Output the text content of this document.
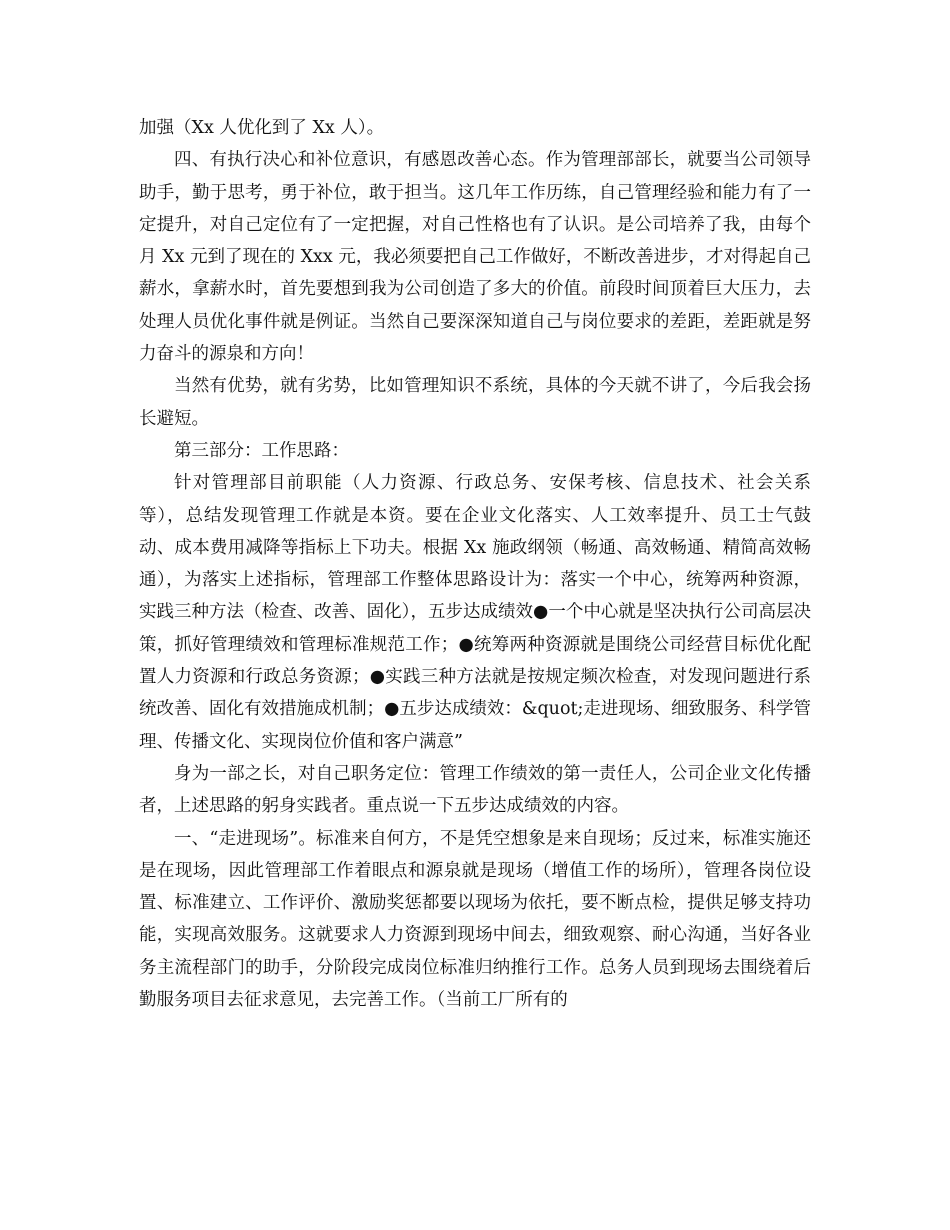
加强（Xx 人优化到了 Xx 人）。

四、有执行决心和补位意识，有感恩改善心态。作为管理部部长，就要当公司领导助手，勤于思考，勇于补位，敢于担当。这几年工作历练，自己管理经验和能力有了一定提升，对自己定位有了一定把握，对自己性格也有了认识。是公司培养了我，由每个月 Xx 元到了现在的 Xxx 元，我必须要把自己工作做好，不断改善进步，才对得起自己薪水，拿薪水时，首先要想到我为公司创造了多大的价值。前段时间顶着巨大压力，去处理人员优化事件就是例证。当然自己要深深知道自己与岗位要求的差距，差距就是努力奋斗的源泉和方向！

当然有优势，就有劣势，比如管理知识不系统，具体的今天就不讲了，今后我会扬长避短。

第三部分：工作思路：

针对管理部目前职能（人力资源、行政总务、安保考核、信息技术、社会关系等），总结发现管理工作就是本资。要在企业文化落实、人工效率提升、员工士气鼓动、成本费用减降等指标上下功夫。根据 Xx 施政纲领（畅通、高效畅通、精简高效畅通），为落实上述指标，管理部工作整体思路设计为：落实一个中心，统筹两种资源，实践三种方法（检查、改善、固化），五步达成绩效●一个中心就是坚决执行公司高层决策，抓好管理绩效和管理标准规范工作；●统筹两种资源就是围绕公司经营目标优化配置人力资源和行政总务资源；●实践三种方法就是按规定频次检查，对发现问题进行系统改善、固化有效措施成机制；●五步达成绩效：&quot;走进现场、细致服务、科学管理、传播文化、实现岗位价值和客户满意”

身为一部之长，对自己职务定位：管理工作绩效的第一责任人，公司企业文化传播者，上述思路的躬身实践者。重点说一下五步达成绩效的内容。

一、“走进现场”。标准来自何方，不是凭空想象是来自现场；反过来，标准实施还是在现场，因此管理部工作着眼点和源泉就是现场（增值工作的场所），管理各岗位设置、标准建立、工作评价、激励奖惩都要以现场为依托，要不断点检，提供足够支持功能，实现高效服务。这就要求人力资源到现场中间去，细致观察、耐心沟通，当好各业务主流程部门的助手，分阶段完成岗位标准归纳推行工作。总务人员到现场去围绕着后勤服务项目去征求意见，去完善工作。（当前工厂所有的
